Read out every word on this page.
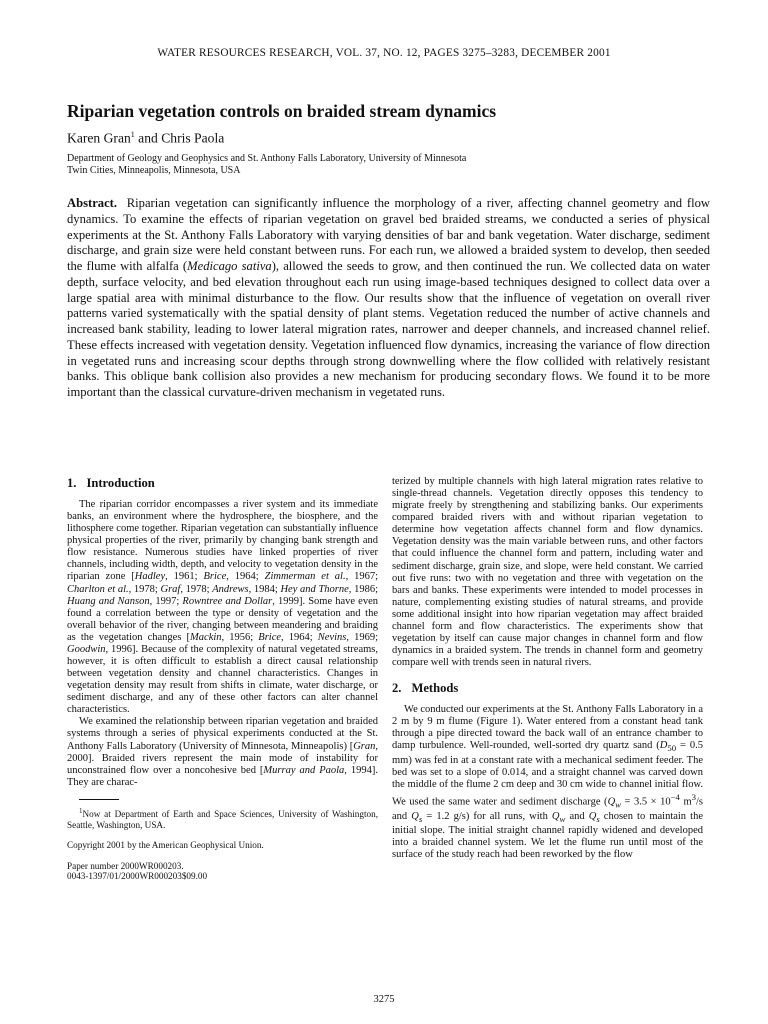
WATER RESOURCES RESEARCH, VOL. 37, NO. 12, PAGES 3275–3283, DECEMBER 2001
Riparian vegetation controls on braided stream dynamics
Karen Gran$^1$ and Chris Paola
Department of Geology and Geophysics and St. Anthony Falls Laboratory, University of Minnesota
Twin Cities, Minneapolis, Minnesota, USA
Abstract. Riparian vegetation can significantly influence the morphology of a river, affecting channel geometry and flow dynamics. To examine the effects of riparian vegetation on gravel bed braided streams, we conducted a series of physical experiments at the St. Anthony Falls Laboratory with varying densities of bar and bank vegetation. Water discharge, sediment discharge, and grain size were held constant between runs. For each run, we allowed a braided system to develop, then seeded the flume with alfalfa (Medicago sativa), allowed the seeds to grow, and then continued the run. We collected data on water depth, surface velocity, and bed elevation throughout each run using image-based techniques designed to collect data over a large spatial area with minimal disturbance to the flow. Our results show that the influence of vegetation on overall river patterns varied systematically with the spatial density of plant stems. Vegetation reduced the number of active channels and increased bank stability, leading to lower lateral migration rates, narrower and deeper channels, and increased channel relief. These effects increased with vegetation density. Vegetation influenced flow dynamics, increasing the variance of flow direction in vegetated runs and increasing scour depths through strong downwelling where the flow collided with relatively resistant banks. This oblique bank collision also provides a new mechanism for producing secondary flows. We found it to be more important than the classical curvature-driven mechanism in vegetated runs.
1. Introduction

The riparian corridor encompasses a river system and its immediate banks, an environment where the hydrosphere, the biosphere, and the lithosphere come together. Riparian vegetation can substantially influence physical properties of the river, primarily by changing bank strength and flow resistance. Numerous studies have linked properties of river channels, including width, depth, and velocity to vegetation density in the riparian zone [Hadley, 1961; Brice, 1964; Zimmerman et al., 1967; Charlton et al., 1978; Graf, 1978; Andrews, 1984; Hey and Thorne, 1986; Huang and Nanson, 1997; Rowntree and Dollar, 1999]. Some have even found a correlation between the type or density of vegetation and the overall behavior of the river, changing between meandering and braiding as the vegetation changes [Mackin, 1956; Brice, 1964; Nevins, 1969; Goodwin, 1996]. Because of the complexity of natural vegetated streams, however, it is often difficult to establish a direct causal relationship between vegetation density and channel characteristics. Changes in vegetation density may result from shifts in climate, water discharge, or sediment discharge, and any of these other factors can alter channel characteristics.

We examined the relationship between riparian vegetation and braided systems through a series of physical experiments conducted at the St. Anthony Falls Laboratory (University of Minnesota, Minneapolis) [Gran, 2000]. Braided rivers represent the main mode of instability for unconstrained flow over a noncohesive bed [Murray and Paola, 1994]. They are charac-

$^1$Now at Department of Earth and Space Sciences, University of Washington, Seattle, Washington, USA.

Copyright 2001 by the American Geophysical Union.
Paper number 2000WR000203.
0043-1397/01/2000WR000203$09.00

terized by multiple channels with high lateral migration rates relative to single-thread channels. Vegetation directly opposes this tendency to migrate freely by strengthening and stabilizing banks. Our experiments compared braided rivers with and without riparian vegetation to determine how vegetation affects channel form and flow dynamics. Vegetation density was the main variable between runs, and other factors that could influence the channel form and pattern, including water and sediment discharge, grain size, and slope, were held constant. We carried out five runs: two with no vegetation and three with vegetation on the bars and banks. These experiments were intended to model processes in nature, complementing existing studies of natural streams, and provide some additional insight into how riparian vegetation may affect braided channel form and flow characteristics. The experiments show that vegetation by itself can cause major changes in channel form and flow dynamics in a braided system. The trends in channel form and geometry compare well with trends seen in natural rivers.

2. Methods

We conducted our experiments at the St. Anthony Falls Laboratory in a 2 m by 9 m flume (Figure 1). Water entered from a constant head tank through a pipe directed toward the back wall of an entrance chamber to damp turbulence. Well-rounded, well-sorted dry quartz sand ($D_{50} = 0.5$ mm) was fed in at a constant rate with a mechanical sediment feeder. The bed was set to a slope of 0.014, and a straight channel was carved down the middle of the flume 2 cm deep and 30 cm wide to channel initial flow. We used the same water and sediment discharge ($Q_w = 3.5 \times 10^{-4}$ $m^3/s$ and $Q_s = 1.2$ g/s) for all runs, with $Q_w$ and $Q_s$ chosen to maintain the initial slope. The initial straight channel rapidly widened and developed into a braided channel system. We let the flume run until most of the surface of the study reach had been reworked by the flow

3275
